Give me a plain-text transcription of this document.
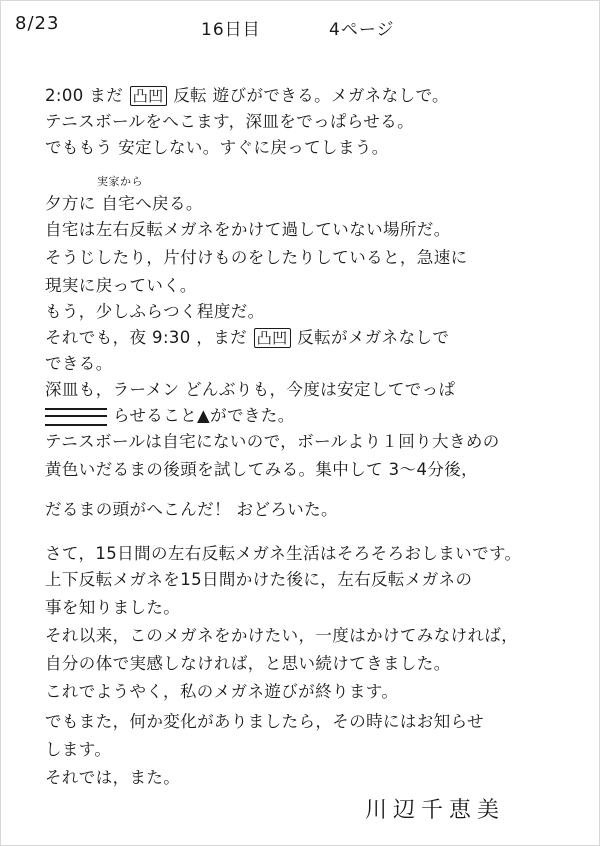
8/23	16日目	4ページ
2:00 まだ 凸凹 反転 遊びができる。メガネなしで。
テニスボールをへこます，深皿をでっぱらせる。
でももう 安定しない。すぐに戻ってしまう。
実家から
夕方に 自宅へ戻る。
自宅は左右反転メガネをかけて過していない場所だ。
そうじしたり，片付けものをしたりしていると，急速に
現実に戻っていく。
もう，少しふらつく程度だ。
それでも，夜 9:30 ，まだ 凸凹 反転がメガネなしで
できる。
深皿も，ラーメン どんぶりも，今度は安定してでっぱ
らせること▲ができた。
テニスボールは自宅にないので，ボールより１回り大きめの
黄色いだるまの後頭を試してみる。集中して 3～4分後，
だるまの頭がへこんだ！ おどろいた。
さて，15日間の左右反転メガネ生活はそろそろおしまいです。
上下反転メガネを15日間かけた後に，左右反転メガネの
事を知りました。
それ以来，このメガネをかけたい，一度はかけてみなければ，
自分の体で実感しなければ，と思い続けてきました。
これでようやく，私のメガネ遊びが終ります。
でもまた，何か変化がありましたら，その時にはお知らせ
します。
それでは，また。
川辺千恵美
